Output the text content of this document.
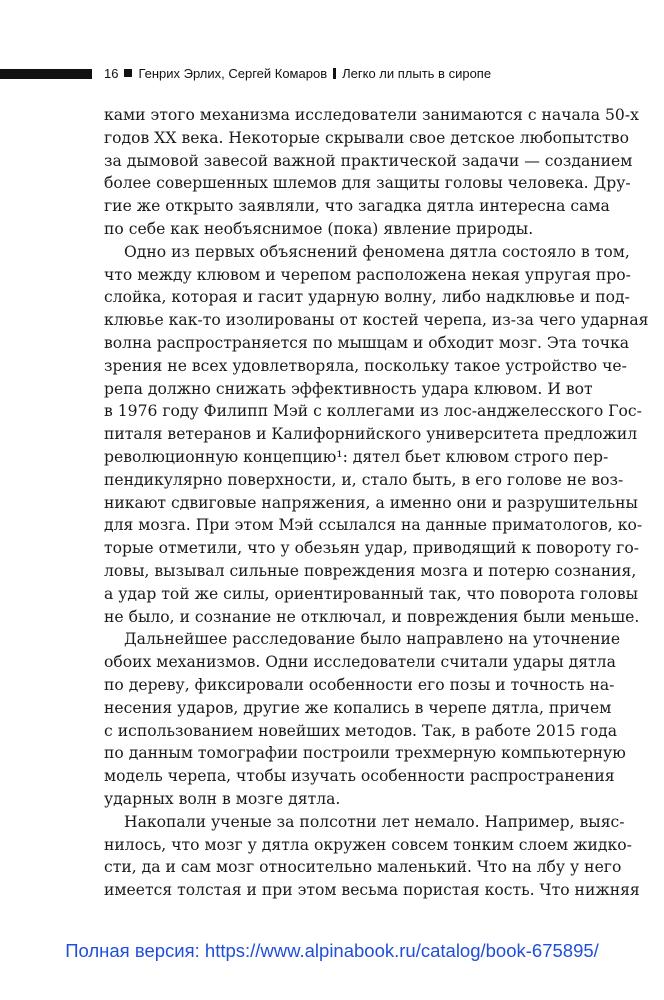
16 Генрих Эрлих, Сергей Комаров Легко ли плыть в сиропе
ками этого механизма исследователи занимаются с начала 50-х
годов XX века. Некоторые скрывали свое детское любопытство
за дымовой завесой важной практической задачи — созданием
более совершенных шлемов для защиты головы человека. Дру-
гие же открыто заявляли, что загадка дятла интересна сама
по себе как необъяснимое (пока) явление природы.
Одно из первых объяснений феномена дятла состояло в том,
что между клювом и черепом расположена некая упругая про-
слойка, которая и гасит ударную волну, либо надклювье и под-
клювье как-то изолированы от костей черепа, из-за чего ударная
волна распространяется по мышцам и обходит мозг. Эта точка
зрения не всех удовлетворяла, поскольку такое устройство че-
репа должно снижать эффективность удара клювом. И вот
в 1976 году Филипп Мэй с коллегами из лос-анджелесского Гос-
питаля ветеранов и Калифорнийского университета предложил
революционную концепцию¹: дятел бьет клювом строго пер-
пендикулярно поверхности, и, стало быть, в его голове не воз-
никают сдвиговые напряжения, а именно они и разрушительны
для мозга. При этом Мэй ссылался на данные приматологов, ко-
торые отметили, что у обезьян удар, приводящий к повороту го-
ловы, вызывал сильные повреждения мозга и потерю сознания,
а удар той же силы, ориентированный так, что поворота головы
не было, и сознание не отключал, и повреждения были меньше.
Дальнейшее расследование было направлено на уточнение
обоих механизмов. Одни исследователи считали удары дятла
по дереву, фиксировали особенности его позы и точность на-
несения ударов, другие же копались в черепе дятла, причем
с использованием новейших методов. Так, в работе 2015 года
по данным томографии построили трехмерную компьютерную
модель черепа, чтобы изучать особенности распространения
ударных волн в мозге дятла.
Накопали ученые за полсотни лет немало. Например, выяс-
нилось, что мозг у дятла окружен совсем тонким слоем жидко-
сти, да и сам мозг относительно маленький. Что на лбу у него
имеется толстая и при этом весьма пористая кость. Что нижняя
Полная версия: https://www.alpinabook.ru/catalog/book-675895/
